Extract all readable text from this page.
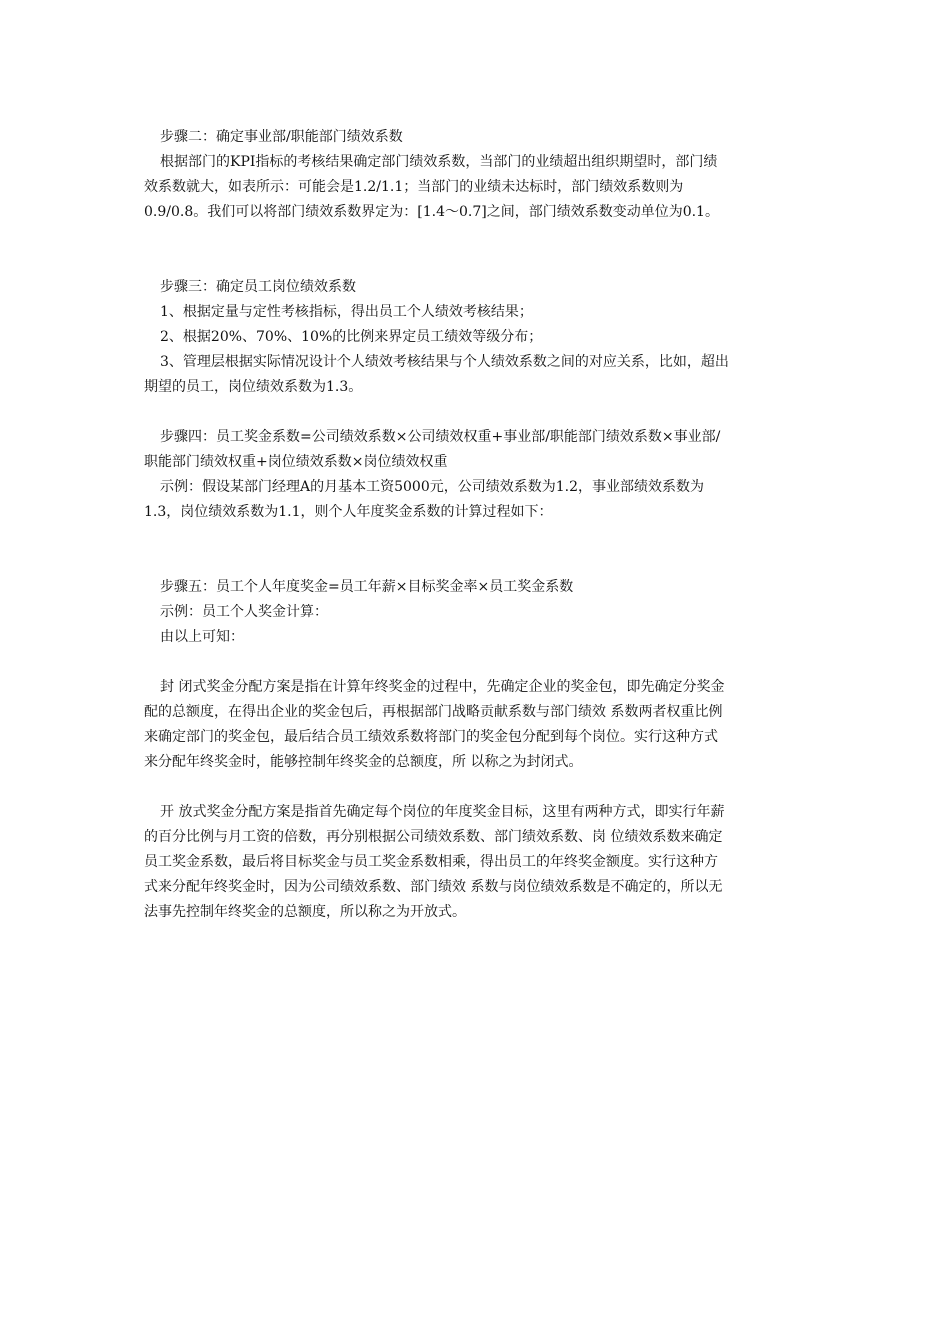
步骤二：确定事业部/职能部门绩效系数
根据部门的KPI指标的考核结果确定部门绩效系数，当部门的业绩超出组织期望时，部门绩
效系数就大，如表所示：可能会是1.2/1.1；当部门的业绩未达标时，部门绩效系数则为
0.9/0.8。我们可以将部门绩效系数界定为：[1.4～0.7]之间，部门绩效系数变动单位为0.1。
步骤三：确定员工岗位绩效系数
1、根据定量与定性考核指标，得出员工个人绩效考核结果；
2、根据20%、70%、10%的比例来界定员工绩效等级分布；
3、管理层根据实际情况设计个人绩效考核结果与个人绩效系数之间的对应关系，比如，超出
期望的员工，岗位绩效系数为1.3。
步骤四：员工奖金系数=公司绩效系数×公司绩效权重+事业部/职能部门绩效系数×事业部/
职能部门绩效权重+岗位绩效系数×岗位绩效权重
示例：假设某部门经理A的月基本工资5000元，公司绩效系数为1.2，事业部绩效系数为
1.3，岗位绩效系数为1.1，则个人年度奖金系数的计算过程如下：
步骤五：员工个人年度奖金=员工年薪×目标奖金率×员工奖金系数
示例：员工个人奖金计算：
由以上可知：
封 闭式奖金分配方案是指在计算年终奖金的过程中，先确定企业的奖金包，即先确定分奖金
配的总额度，在得出企业的奖金包后，再根据部门战略贡献系数与部门绩效 系数两者权重比例
来确定部门的奖金包，最后结合员工绩效系数将部门的奖金包分配到每个岗位。实行这种方式
来分配年终奖金时，能够控制年终奖金的总额度，所 以称之为封闭式。
开 放式奖金分配方案是指首先确定每个岗位的年度奖金目标，这里有两种方式，即实行年薪
的百分比例与月工资的倍数，再分别根据公司绩效系数、部门绩效系数、岗 位绩效系数来确定
员工奖金系数，最后将目标奖金与员工奖金系数相乘，得出员工的年终奖金额度。实行这种方
式来分配年终奖金时，因为公司绩效系数、部门绩效 系数与岗位绩效系数是不确定的，所以无
法事先控制年终奖金的总额度，所以称之为开放式。
